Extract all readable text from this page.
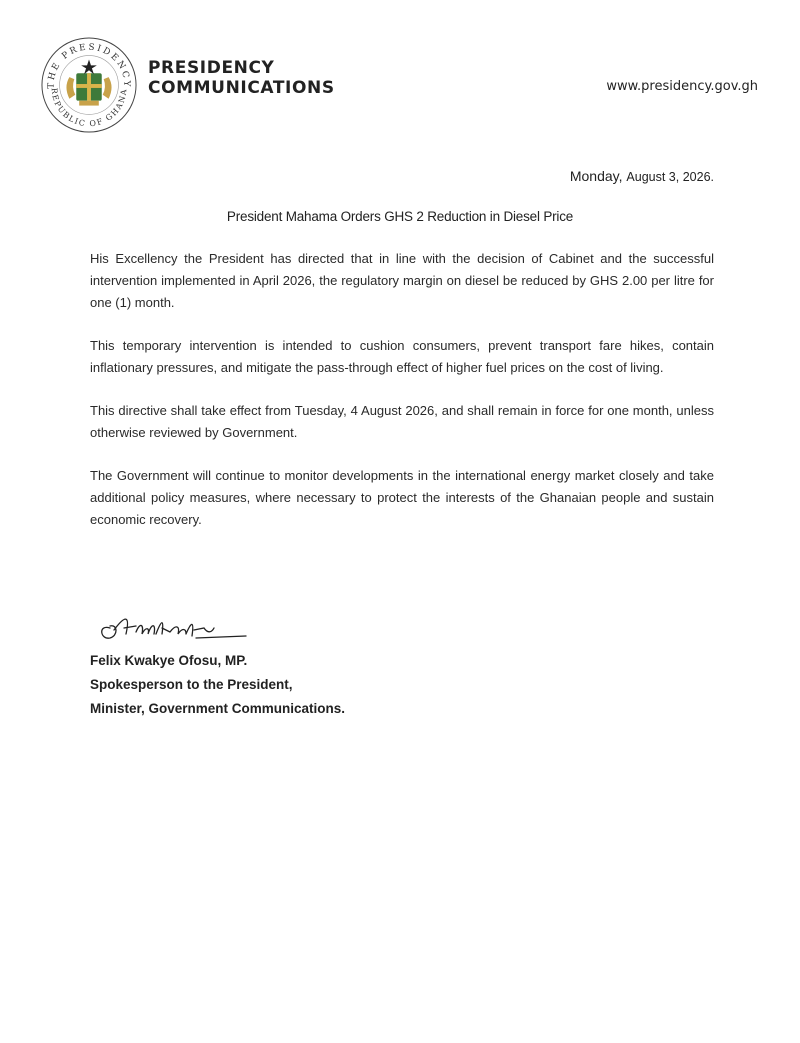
THE PRESIDENCY
REPUBLIC OF GHANA
PRESIDENCY
COMMUNICATIONS	www.presidency.gov.gh
Monday, August 3, 2026.
President Mahama Orders GHS 2 Reduction in Diesel Price

His Excellency the President has directed that in line with the decision of Cabinet and the successful intervention implemented in April 2026, the regulatory margin on diesel be reduced by GHS 2.00 per litre for one (1) month.

This temporary intervention is intended to cushion consumers, prevent transport fare hikes, contain inflationary pressures, and mitigate the pass-through effect of higher fuel prices on the cost of living.

This directive shall take effect from Tuesday, 4 August 2026, and shall remain in force for one month, unless otherwise reviewed by Government.

The Government will continue to monitor developments in the international energy market closely and take additional policy measures, where necessary to protect the interests of the Ghanaian people and sustain economic recovery.

Felix Kwakye Ofosu, MP.
Spokesperson to the President,
Minister, Government Communications.
